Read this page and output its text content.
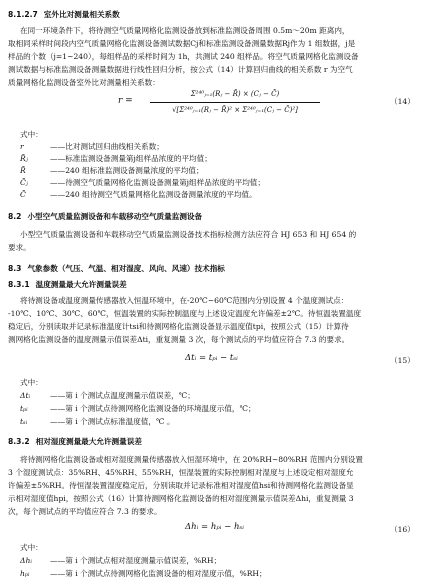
8.1.2.7 室外比对测量相关系数
在同一环境条件下，将待测空气质量网格化监测设备放到标准监测设备周围 0.5m～20m 距离内，
取相同采样时间段内空气质量网格化监测设备测试数据Cj和标准监测设备测量数据Rj作为 1 组数据，j是
样品的个数（j=1~240），每组样品的采样时间为 1h，共测试 240 组样品。将空气质量网格化监测设备
测试数据与标准监测设备测量数据进行线性回归分析，按公式（14）计算回归曲线的相关系数 r 为空气
质量网格化监测设备室外比对测量相关系数：
r =
Σ²⁴⁰ⱼ₌₁(Rⱼ − R̄) × (Cⱼ − C̄)
√[Σ²⁴⁰ⱼ₌₁(Rⱼ − R̄)² × Σ²⁴⁰ⱼ₌₁(Cⱼ − C̄)²]
（14）
式中：
r	——比对测试回归曲线相关系数；
R̄ⱼ	——标准监测设备测量第j组样品浓度的平均值；
R̄	——240 组标准监测设备测量浓度的平均值；
C̄ⱼ	——待测空气质量网格化监测设备测量第j组样品浓度的平均值；
C̄	——240 组待测空气质量网格化监测设备测量浓度的平均值。
8.2 小型空气质量监测设备和车载移动空气质量监测设备
小型空气质量监测设备和车载移动空气质量监测设备技术指标检测方法应符合 HJ 653 和 HJ 654 的
要求。
8.3 气象参数（气压、气温、相对湿度、风向、风速）技术指标
8.3.1 温度测量最大允许测量误差
将待测设备或温度测量传感器放入恒温环境中，在-20℃~60℃范围内分别设置 4 个温度测试点：
-10℃、10℃、30℃、60℃，恒温装置的实际控制温度与上述设定温度允许偏差±2℃。待恒温装置温度
稳定后，分别读取并记录标准温度计tsi和待测网格化监测设备显示温度值tpi，按照公式（15）计算待
测网格化监测设备的温度测量示值误差Δti，重复测量 3 次，每个测试点的平均值应符合 7.3 的要求。
Δtᵢ = tₚᵢ − tₛᵢ	（15）
式中：
Δtᵢ	——第 i 个测试点温度测量示值误差，℃；
tₚᵢ	——第 i 个测试点待测网格化监测设备的环境温度示值，℃；
tₛᵢ	——第 i 个测试点标准温度值，℃ 。
8.3.2 相对湿度测量最大允许测量误差
将待测网格化监测设备或相对湿度测量传感器放入恒湿环境中，在 20%RH~80%RH 范围内分别设置
3 个湿度测试点：35%RH、45%RH、55%RH，恒湿装置的实际控制相对湿度与上述设定相对湿度允
许偏差±5%RH。待恒湿装置湿度稳定后，分别读取并记录标准相对湿度值hsi和待测网格化监测设备显
示相对湿度值hpi，按照公式（16）计算待测网格化监测设备的相对湿度测量示值误差Δhi，重复测量 3
次，每个测试点的平均值应符合 7.3 的要求。
Δhᵢ = hₚᵢ − hₛᵢ	（16）
式中：
Δhᵢ ——第 i 个测试点相对湿度测量示值误差，%RH；
hₚᵢ	——第 i 个测试点待测网格化监测设备的相对湿度示值，%RH；
